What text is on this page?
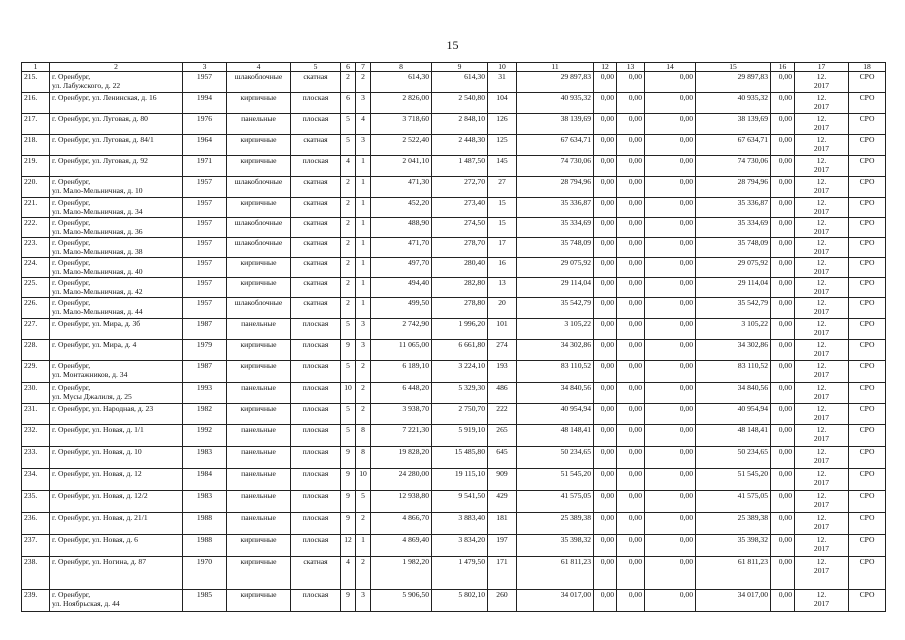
15
1	2	3	4	5	6	7	8	9	10	11	12	13	14	15	16	17	18
215.	г. Оренбург,
ул. Лабужского, д. 22	1957	шлакоблочные	скатная	2	2	614,30	614,30	31	29 897,83	0,00	0,00	0,00	29 897,83	0,00	12.
2017	СРО
216.	г. Оренбург, ул. Ленинская, д. 16	1994	кирпичные	плоская	6	3	2 826,00	2 540,80	104	40 935,32	0,00	0,00	0,00	40 935,32	0,00	12.
2017	СРО
217.	г. Оренбург, ул. Луговая, д. 80	1976	панельные	плоская	5	4	3 718,60	2 848,10	126	38 139,69	0,00	0,00	0,00	38 139,69	0,00	12.
2017	СРО
218.	г. Оренбург, ул. Луговая, д. 84/1	1964	кирпичные	скатная	5	3	2 522,40	2 448,30	125	67 634,71	0,00	0,00	0,00	67 634,71	0,00	12.
2017	СРО
219.	г. Оренбург, ул. Луговая, д. 92	1971	кирпичные	плоская	4	1	2 041,10	1 487,50	145	74 730,06	0,00	0,00	0,00	74 730,06	0,00	12.
2017	СРО
220.	г. Оренбург,
ул. Мало-Мельничная, д. 10	1957	шлакоблочные	скатная	2	1	471,30	272,70	27	28 794,96	0,00	0,00	0,00	28 794,96	0,00	12.
2017	СРО
221.	г. Оренбург,
ул. Мало-Мельничная, д. 34	1957	кирпичные	скатная	2	1	452,20	273,40	15	35 336,87	0,00	0,00	0,00	35 336,87	0,00	12.
2017	СРО
222.	г. Оренбург,
ул. Мало-Мельничная, д. 36	1957	шлакоблочные	скатная	2	1	488,90	274,50	15	35 334,69	0,00	0,00	0,00	35 334,69	0,00	12.
2017	СРО
223.	г. Оренбург,
ул. Мало-Мельничная, д. 38	1957	шлакоблочные	скатная	2	1	471,70	278,70	17	35 748,09	0,00	0,00	0,00	35 748,09	0,00	12.
2017	СРО
224.	г. Оренбург,
ул. Мало-Мельничная, д. 40	1957	кирпичные	скатная	2	1	497,70	280,40	16	29 075,92	0,00	0,00	0,00	29 075,92	0,00	12.
2017	СРО
225.	г. Оренбург,
ул. Мало-Мельничная, д. 42	1957	кирпичные	скатная	2	1	494,40	282,80	13	29 114,04	0,00	0,00	0,00	29 114,04	0,00	12.
2017	СРО
226.	г. Оренбург,
ул. Мало-Мельничная, д. 44	1957	шлакоблочные	скатная	2	1	499,50	278,80	20	35 542,79	0,00	0,00	0,00	35 542,79	0,00	12.
2017	СРО
227.	г. Оренбург, ул. Мира, д. 3б	1987	панельные	плоская	5	3	2 742,90	1 996,20	101	3 105,22	0,00	0,00	0,00	3 105,22	0,00	12.
2017	СРО
228.	г. Оренбург, ул. Мира, д. 4	1979	кирпичные	плоская	9	3	11 065,00	6 661,80	274	34 302,86	0,00	0,00	0,00	34 302,86	0,00	12.
2017	СРО
229.	г. Оренбург,
ул. Монтажников, д. 34	1987	кирпичные	плоская	5	2	6 189,10	3 224,10	193	83 110,52	0,00	0,00	0,00	83 110,52	0,00	12.
2017	СРО
230.	г. Оренбург,
ул. Мусы Джалиля, д. 25	1993	панельные	плоская	10	2	6 448,20	5 329,30	486	34 840,56	0,00	0,00	0,00	34 840,56	0,00	12.
2017	СРО
231.	г. Оренбург, ул. Народная, д. 23	1982	кирпичные	плоская	5	2	3 938,70	2 750,70	222	40 954,94	0,00	0,00	0,00	40 954,94	0,00	12.
2017	СРО
232.	г. Оренбург, ул. Новая, д. 1/1	1992	панельные	плоская	5	8	7 221,30	5 919,10	265	48 148,41	0,00	0,00	0,00	48 148,41	0,00	12.
2017	СРО
233.	г. Оренбург, ул. Новая, д. 10	1983	панельные	плоская	9	8	19 828,20	15 485,80	645	50 234,65	0,00	0,00	0,00	50 234,65	0,00	12.
2017	СРО
234.	г. Оренбург, ул. Новая, д. 12	1984	панельные	плоская	9	10	24 280,00	19 115,10	909	51 545,20	0,00	0,00	0,00	51 545,20	0,00	12.
2017	СРО
235.	г. Оренбург, ул. Новая, д. 12/2	1983	панельные	плоская	9	5	12 938,80	9 541,50	429	41 575,05	0,00	0,00	0,00	41 575,05	0,00	12.
2017	СРО
236.	г. Оренбург, ул. Новая, д. 21/1	1988	панельные	плоская	9	2	4 866,70	3 883,40	181	25 389,38	0,00	0,00	0,00	25 389,38	0,00	12.
2017	СРО
237.	г. Оренбург, ул. Новая, д. 6	1988	кирпичные	плоская	12	1	4 869,40	3 834,20	197	35 398,32	0,00	0,00	0,00	35 398,32	0,00	12.
2017	СРО
238.	г. Оренбург, ул. Ногина, д. 87	1970	кирпичные	скатная	4	2	1 982,20	1 479,50	171	61 811,23	0,00	0,00	0,00	61 811,23	0,00	12.
2017	СРО
239.	г. Оренбург,
ул. Ноябрьская, д. 44	1985	кирпичные	плоская	9	3	5 906,50	5 802,10	260	34 017,00	0,00	0,00	0,00	34 017,00	0,00	12.
2017	СРО
